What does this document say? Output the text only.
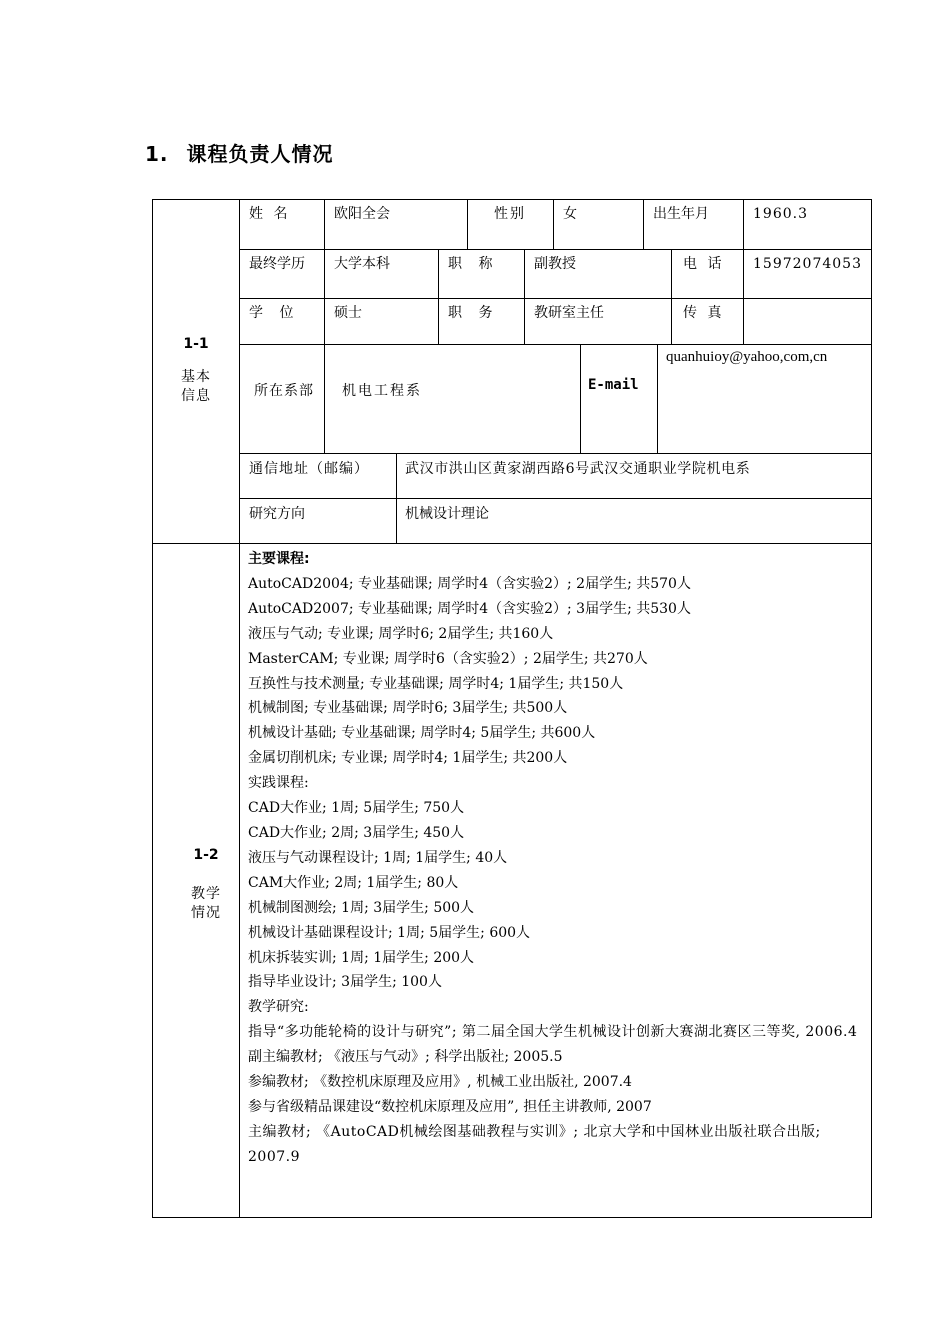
1. 课程负责人情况
1-1
基本
信息
姓 名	欧阳全会	性别	女	出生年月	1960.3
最终学历 大学本科	职 称	副教授	电 话 15972074053
学 位	硕士	职 务	教研室主任	传 真
所在系部 机电工程系	E-mail
quanhuioy@yahoo,com,cn
通信地址（邮编）	武汉市洪山区黄家湖西路6号武汉交通职业学院机电系
研究方向	机械设计理论
1-2
教学
情况
主要课程:
AutoCAD2004; 专业基础课; 周学时4（含实验2）; 2届学生; 共570人
AutoCAD2007; 专业基础课; 周学时4（含实验2）; 3届学生; 共530人
液压与气动; 专业课; 周学时6; 2届学生; 共160人
MasterCAM; 专业课; 周学时6（含实验2）; 2届学生; 共270人
互换性与技术测量; 专业基础课; 周学时4; 1届学生; 共150人
机械制图; 专业基础课; 周学时6; 3届学生; 共500人
机械设计基础; 专业基础课; 周学时4; 5届学生; 共600人
金属切削机床; 专业课; 周学时4; 1届学生; 共200人
实践课程:
CAD大作业; 1周; 5届学生; 750人
CAD大作业; 2周; 3届学生; 450人
液压与气动课程设计; 1周; 1届学生; 40人
CAM大作业; 2周; 1届学生; 80人
机械制图测绘; 1周; 3届学生; 500人
机械设计基础课程设计; 1周; 5届学生; 600人
机床拆装实训; 1周; 1届学生; 200人
指导毕业设计; 3届学生; 100人
教学研究:
指导“多功能轮椅的设计与研究”; 第二届全国大学生机械设计创新大赛湖北赛区三等奖, 2006.4
副主编教材; 《液压与气动》; 科学出版社; 2005.5
参编教材; 《数控机床原理及应用》, 机械工业出版社, 2007.4
参与省级精品课建设“数控机床原理及应用”, 担任主讲教师, 2007
主编教材; 《AutoCAD机械绘图基础教程与实训》; 北京大学和中国林业出版社联合出版; 2007.9
